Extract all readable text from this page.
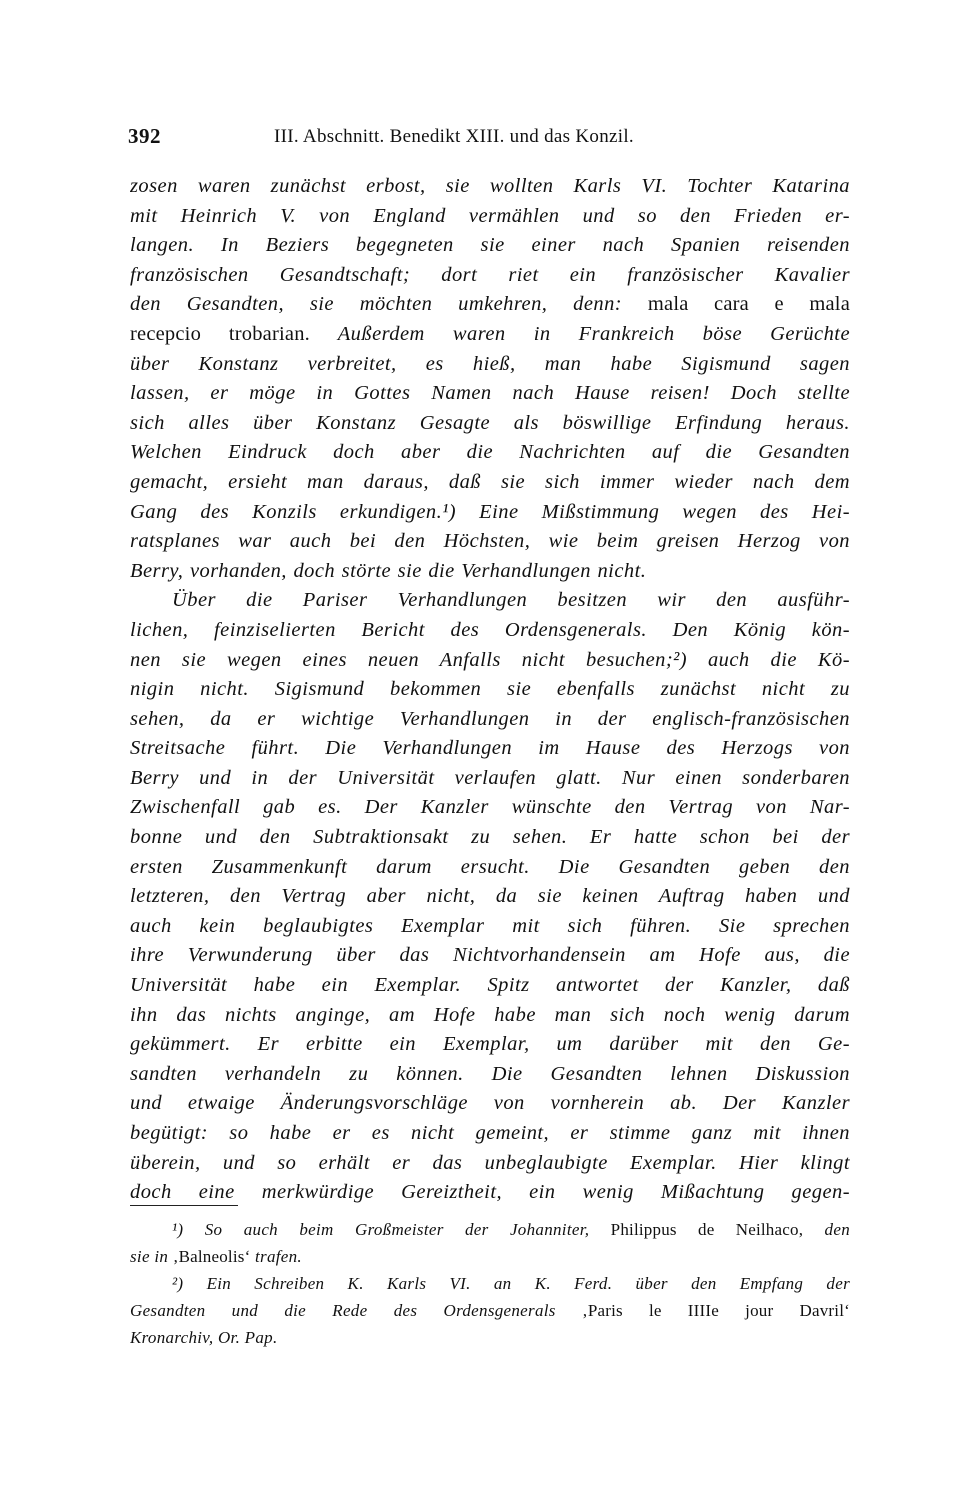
392	III. Abschnitt. Benedikt XIII. und das Konzil.
zosen waren zunächst erbost, sie wollten Karls VI. Tochter Katarina
mit Heinrich V. von England vermählen und so den Frieden er-
langen. In Beziers begegneten sie einer nach Spanien reisenden
französischen Gesandtschaft; dort riet ein französischer Kavalier
den Gesandten, sie möchten umkehren, denn: mala cara e mala
recepcio trobarian. Außerdem waren in Frankreich böse Gerüchte
über Konstanz verbreitet, es hieß, man habe Sigismund sagen
lassen, er möge in Gottes Namen nach Hause reisen! Doch stellte
sich alles über Konstanz Gesagte als böswillige Erfindung heraus.
Welchen Eindruck doch aber die Nachrichten auf die Gesandten
gemacht, ersieht man daraus, daß sie sich immer wieder nach dem
Gang des Konzils erkundigen.¹) Eine Mißstimmung wegen des Hei-
ratsplanes war auch bei den Höchsten, wie beim greisen Herzog von
Berry, vorhanden, doch störte sie die Verhandlungen nicht.
Über die Pariser Verhandlungen besitzen wir den ausführ-
lichen, feinziselierten Bericht des Ordensgenerals. Den König kön-
nen sie wegen eines neuen Anfalls nicht besuchen;²) auch die Kö-
nigin nicht. Sigismund bekommen sie ebenfalls zunächst nicht zu
sehen, da er wichtige Verhandlungen in der englisch-französischen
Streitsache führt. Die Verhandlungen im Hause des Herzogs von
Berry und in der Universität verlaufen glatt. Nur einen sonderbaren
Zwischenfall gab es. Der Kanzler wünschte den Vertrag von Nar-
bonne und den Subtraktionsakt zu sehen. Er hatte schon bei der
ersten Zusammenkunft darum ersucht. Die Gesandten geben den
letzteren, den Vertrag aber nicht, da sie keinen Auftrag haben und
auch kein beglaubigtes Exemplar mit sich führen. Sie sprechen
ihre Verwunderung über das Nichtvorhandensein am Hofe aus, die
Universität habe ein Exemplar. Spitz antwortet der Kanzler, daß
ihn das nichts anginge, am Hofe habe man sich noch wenig darum
gekümmert. Er erbitte ein Exemplar, um darüber mit den Ge-
sandten verhandeln zu können. Die Gesandten lehnen Diskussion
und etwaige Änderungsvorschläge von vornherein ab. Der Kanzler
begütigt: so habe er es nicht gemeint, er stimme ganz mit ihnen
überein, und so erhält er das unbeglaubigte Exemplar. Hier klingt
doch eine merkwürdige Gereiztheit, ein wenig Mißachtung gegen-
¹) So auch beim Großmeister der Johanniter, Philippus de Neilhaco, den
sie in ‚Balneolis‘ trafen.
²) Ein Schreiben K. Karls VI. an K. Ferd. über den Empfang der
Gesandten und die Rede des Ordensgenerals ‚Paris le IIIIe jour Davril‘
Kronarchiv, Or. Pap.
